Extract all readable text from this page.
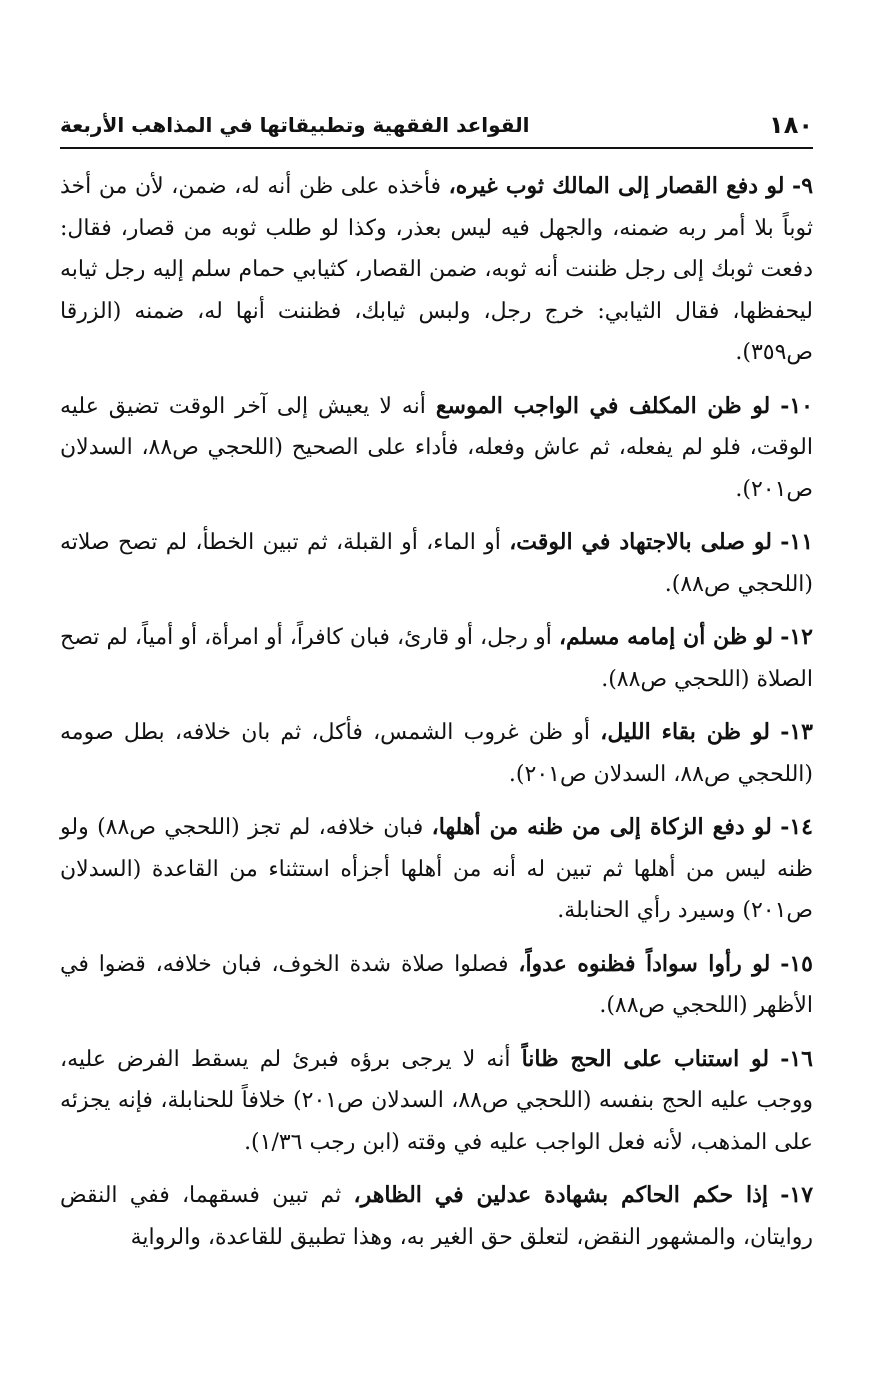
١٨٠
القواعد الفقهية وتطبيقاتها في المذاهب الأربعة

٩- لو دفع القصار إلى المالك ثوب غيره، فأخذه على ظن أنه له، ضمن، لأن من أخذ ثوباً بلا أمر ربه ضمنه، والجهل فيه ليس بعذر، وكذا لو طلب ثوبه من قصار، فقال: دفعت ثوبك إلى رجل ظننت أنه ثوبه، ضمن القصار، كثيابي حمام سلم إليه رجل ثيابه ليحفظها، فقال الثيابي: خرج رجل، ولبس ثيابك، فظننت أنها له، ضمنه (الزرقا ص٣٥٩).

١٠- لو ظن المكلف في الواجب الموسع أنه لا يعيش إلى آخر الوقت تضيق عليه الوقت، فلو لم يفعله، ثم عاش وفعله، فأداء على الصحيح (اللحجي ص٨٨، السدلان ص٢٠١).

١١- لو صلى بالاجتهاد في الوقت، أو الماء، أو القبلة، ثم تبين الخطأ، لم تصح صلاته (اللحجي ص٨٨).

١٢- لو ظن أن إمامه مسلم، أو رجل، أو قارئ، فبان كافراً، أو امرأة، أو أمياً، لم تصح الصلاة (اللحجي ص٨٨).

١٣- لو ظن بقاء الليل، أو ظن غروب الشمس، فأكل، ثم بان خلافه، بطل صومه (اللحجي ص٨٨، السدلان ص٢٠١).

١٤- لو دفع الزكاة إلى من ظنه من أهلها، فبان خلافه، لم تجز (اللحجي ص٨٨) ولو ظنه ليس من أهلها ثم تبين له أنه من أهلها أجزأه استثناء من القاعدة (السدلان ص٢٠١) وسيرد رأي الحنابلة.

١٥- لو رأوا سواداً فظنوه عدواً، فصلوا صلاة شدة الخوف، فبان خلافه، قضوا في الأظهر (اللحجي ص٨٨).

١٦- لو استناب على الحج ظاناً أنه لا يرجى برؤه فبرئ لم يسقط الفرض عليه، ووجب عليه الحج بنفسه (اللحجي ص٨٨، السدلان ص٢٠١) خلافاً للحنابلة، فإنه يجزئه على المذهب، لأنه فعل الواجب عليه في وقته (ابن رجب ١/٣٦).

١٧- إذا حكم الحاكم بشهادة عدلين في الظاهر، ثم تبين فسقهما، ففي النقض روايتان، والمشهور النقض، لتعلق حق الغير به، وهذا تطبيق للقاعدة، والرواية
